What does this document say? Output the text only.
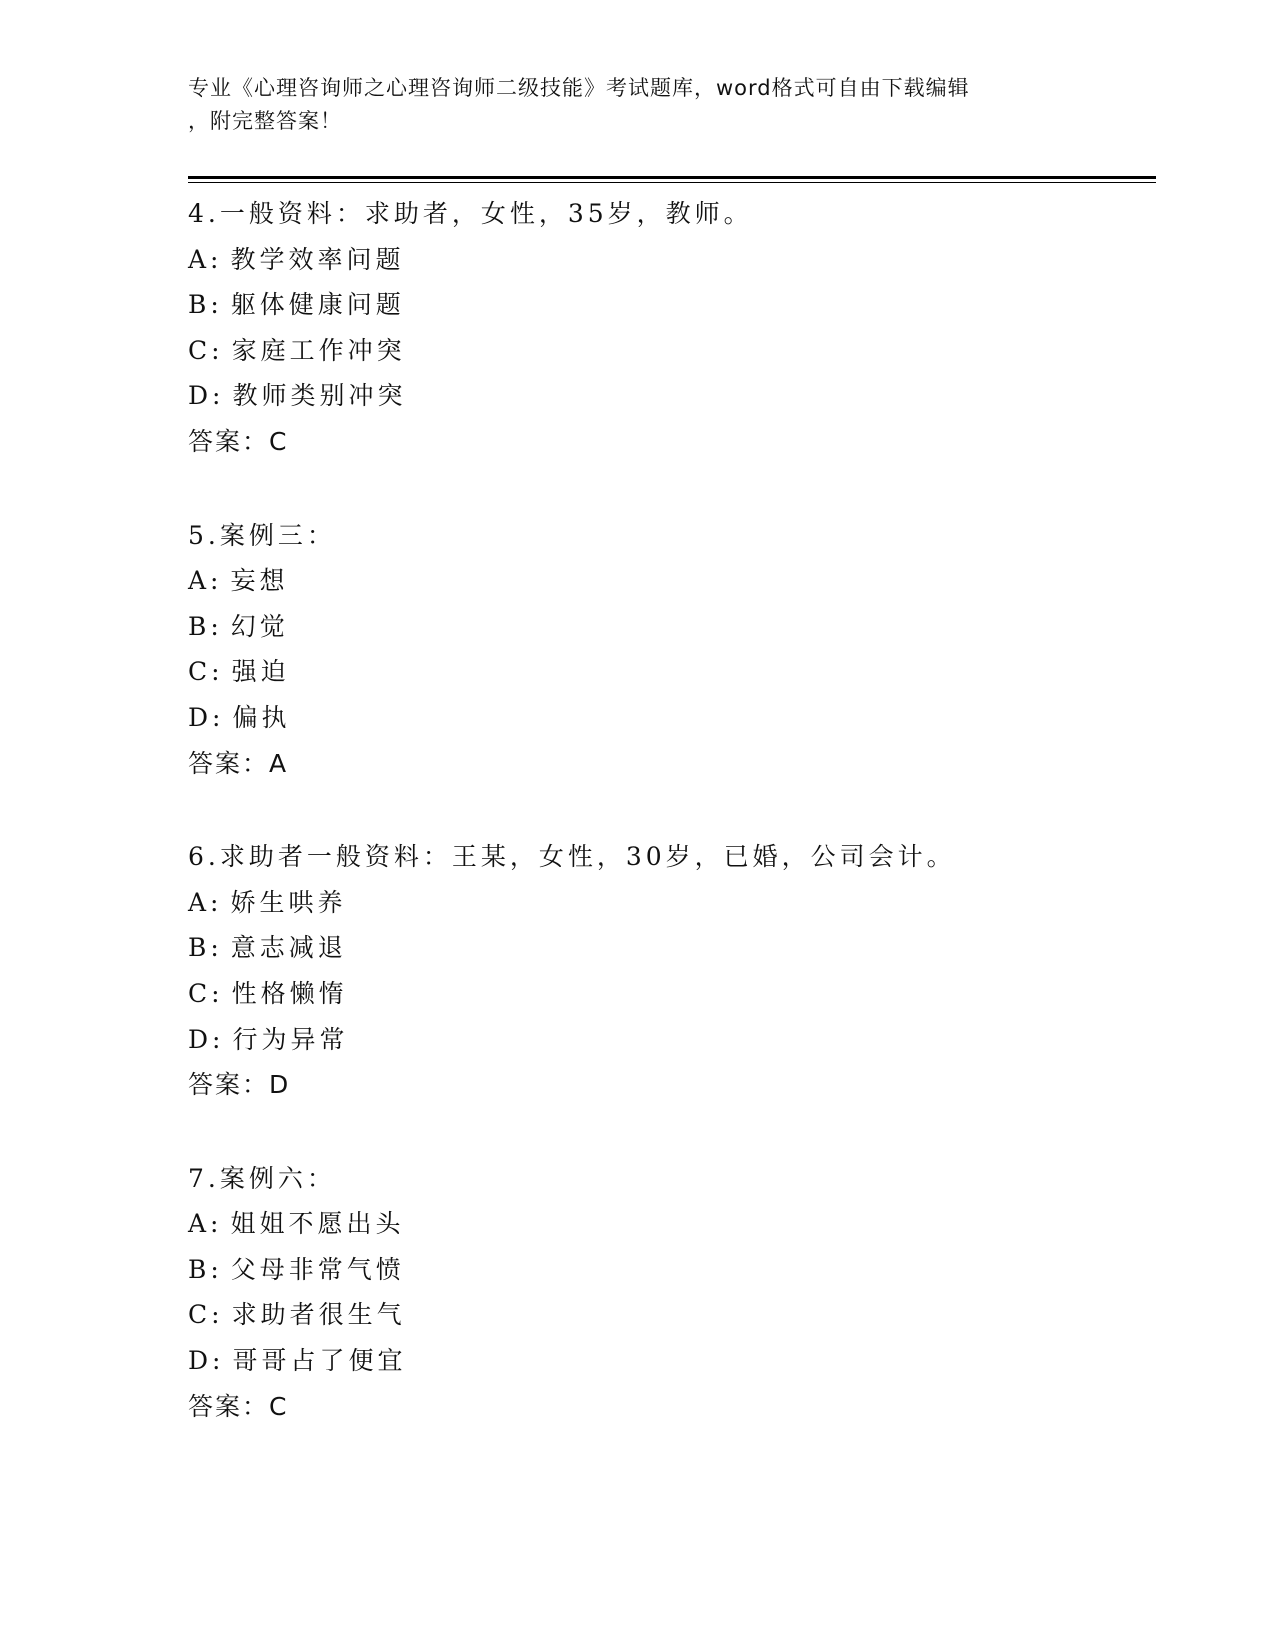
专业《心理咨询师之心理咨询师二级技能》考试题库，word格式可自由下载编辑
，附完整答案！
4.一般资料：求助者，女性，35岁，教师。
A: 教学效率问题
B: 躯体健康问题
C: 家庭工作冲突
D: 教师类别冲突
答案：C
5.案例三：
A: 妄想
B: 幻觉
C: 强迫
D: 偏执
答案：A
6.求助者一般资料：王某，女性，30岁，已婚，公司会计。
A: 娇生哄养
B: 意志减退
C: 性格懒惰
D: 行为异常
答案：D
7.案例六：
A: 姐姐不愿出头
B: 父母非常气愤
C: 求助者很生气
D: 哥哥占了便宜
答案：C
